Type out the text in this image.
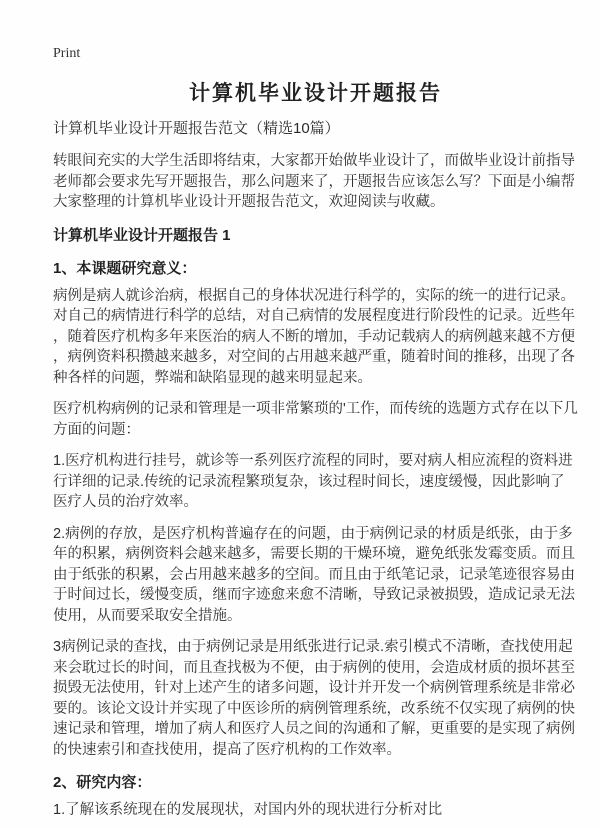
Print
计算机毕业设计开题报告
计算机毕业设计开题报告范文（精选10篇）

转眼间充实的大学生活即将结束，大家都开始做毕业设计了，而做毕业设计前指导老师都会要求先写开题报告，那么问题来了，开题报告应该怎么写？下面是小编帮大家整理的计算机毕业设计开题报告范文，欢迎阅读与收藏。

计算机毕业设计开题报告 1
1、本课题研究意义：

病例是病人就诊治病，根据自己的身体状况进行科学的，实际的统一的进行记录。对自己的病情进行科学的总结，对自己病情的发展程度进行阶段性的记录。近些年，随着医疗机构多年来医治的病人不断的增加，手动记载病人的病例越来越不方便，病例资料积攒越来越多，对空间的占用越来越严重，随着时间的推移，出现了各种各样的问题，弊端和缺陷显现的越来明显起来。

医疗机构病例的记录和管理是一项非常繁琐的'工作，而传统的选题方式存在以下几方面的问题：

1.医疗机构进行挂号，就诊等一系列医疗流程的同时，要对病人相应流程的资料进行详细的记录.传统的记录流程繁琐复杂，该过程时间长，速度缓慢，因此影响了医疗人员的治疗效率。

2.病例的存放，是医疗机构普遍存在的问题，由于病例记录的材质是纸张，由于多年的积累，病例资料会越来越多，需要长期的干燥环境，避免纸张发霉变质。而且由于纸张的积累，会占用越来越多的空间。而且由于纸笔记录，记录笔迹很容易由于时间过长，缓慢变质，继而字迹愈来愈不清晰，导致记录被损毁，造成记录无法使用，从而要采取安全措施。

3病例记录的查找，由于病例记录是用纸张进行记录.索引模式不清晰，查找使用起来会耽过长的时间，而且查找极为不便，由于病例的使用，会造成材质的损坏甚至损毁无法使用，针对上述产生的诸多问题，设计并开发一个病例管理系统是非常必要的。该论文设计并实现了中医诊所的病例管理系统，改系统不仅实现了病例的快速记录和管理，增加了病人和医疗人员之间的沟通和了解，更重要的是实现了病例的快速索引和查找使用，提高了医疗机构的工作效率。

2、研究内容：

1.了解该系统现在的发展现状，对国内外的现状进行分析对比
